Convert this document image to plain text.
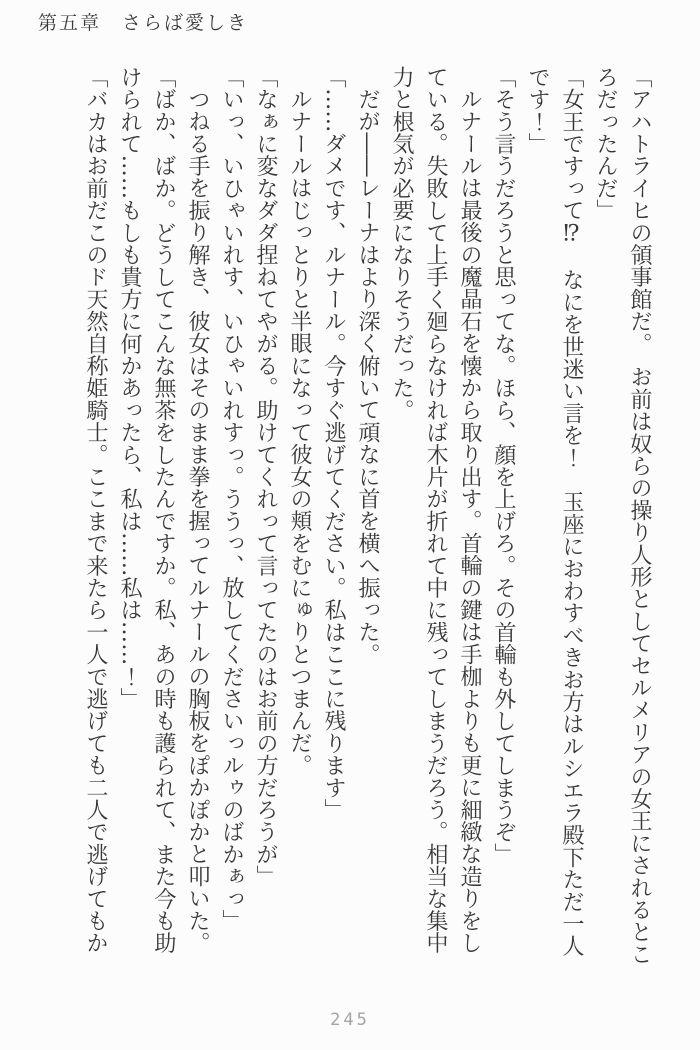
第五章　さらば愛しき

「アハトライヒの領事館だ。　お前は奴らの操り人形としてセルメリアの女王にされるところだったんだ」

「女王ですって⁉　なにを世迷い言を！　玉座におわすべきお方はルシエラ殿下ただ一人です！」

「そう言うだろうと思ってな。ほら、顔を上げろ。その首輪も外してしまうぞ」

ルナールは最後の魔晶石を懐から取り出す。首輪の鍵は手枷よりも更に細緻な造りをしている。失敗して上手く廻らなければ木片が折れて中に残ってしまうだろう。相当な集中力と根気が必要になりそうだった。

だが――レーナはより深く俯いて頑なに首を横へ振った。

「……ダメです、ルナール。今すぐ逃げてください。私はここに残ります」

ルナールはじっとりと半眼になって彼女の頬をむにゅりとつまんだ。

「なぁに変なダダ捏ねてやがる。助けてくれって言ってたのはお前の方だろうが」

「いっ、いひゃいれす、いひゃいれすっ。ううっ、放してくださいっルゥのばかぁっ」

つねる手を振り解き、彼女はそのまま拳を握ってルナールの胸板をぽかぽかと叩いた。

「ばか、ばか。どうしてこんな無茶をしたんですか。私、あの時も護られて、また今も助けられて……もしも貴方に何かあったら、私は……私は……！」

「バカはお前だこのド天然自称姫騎士。ここまで来たら一人で逃げても二人で逃げてもか

245
